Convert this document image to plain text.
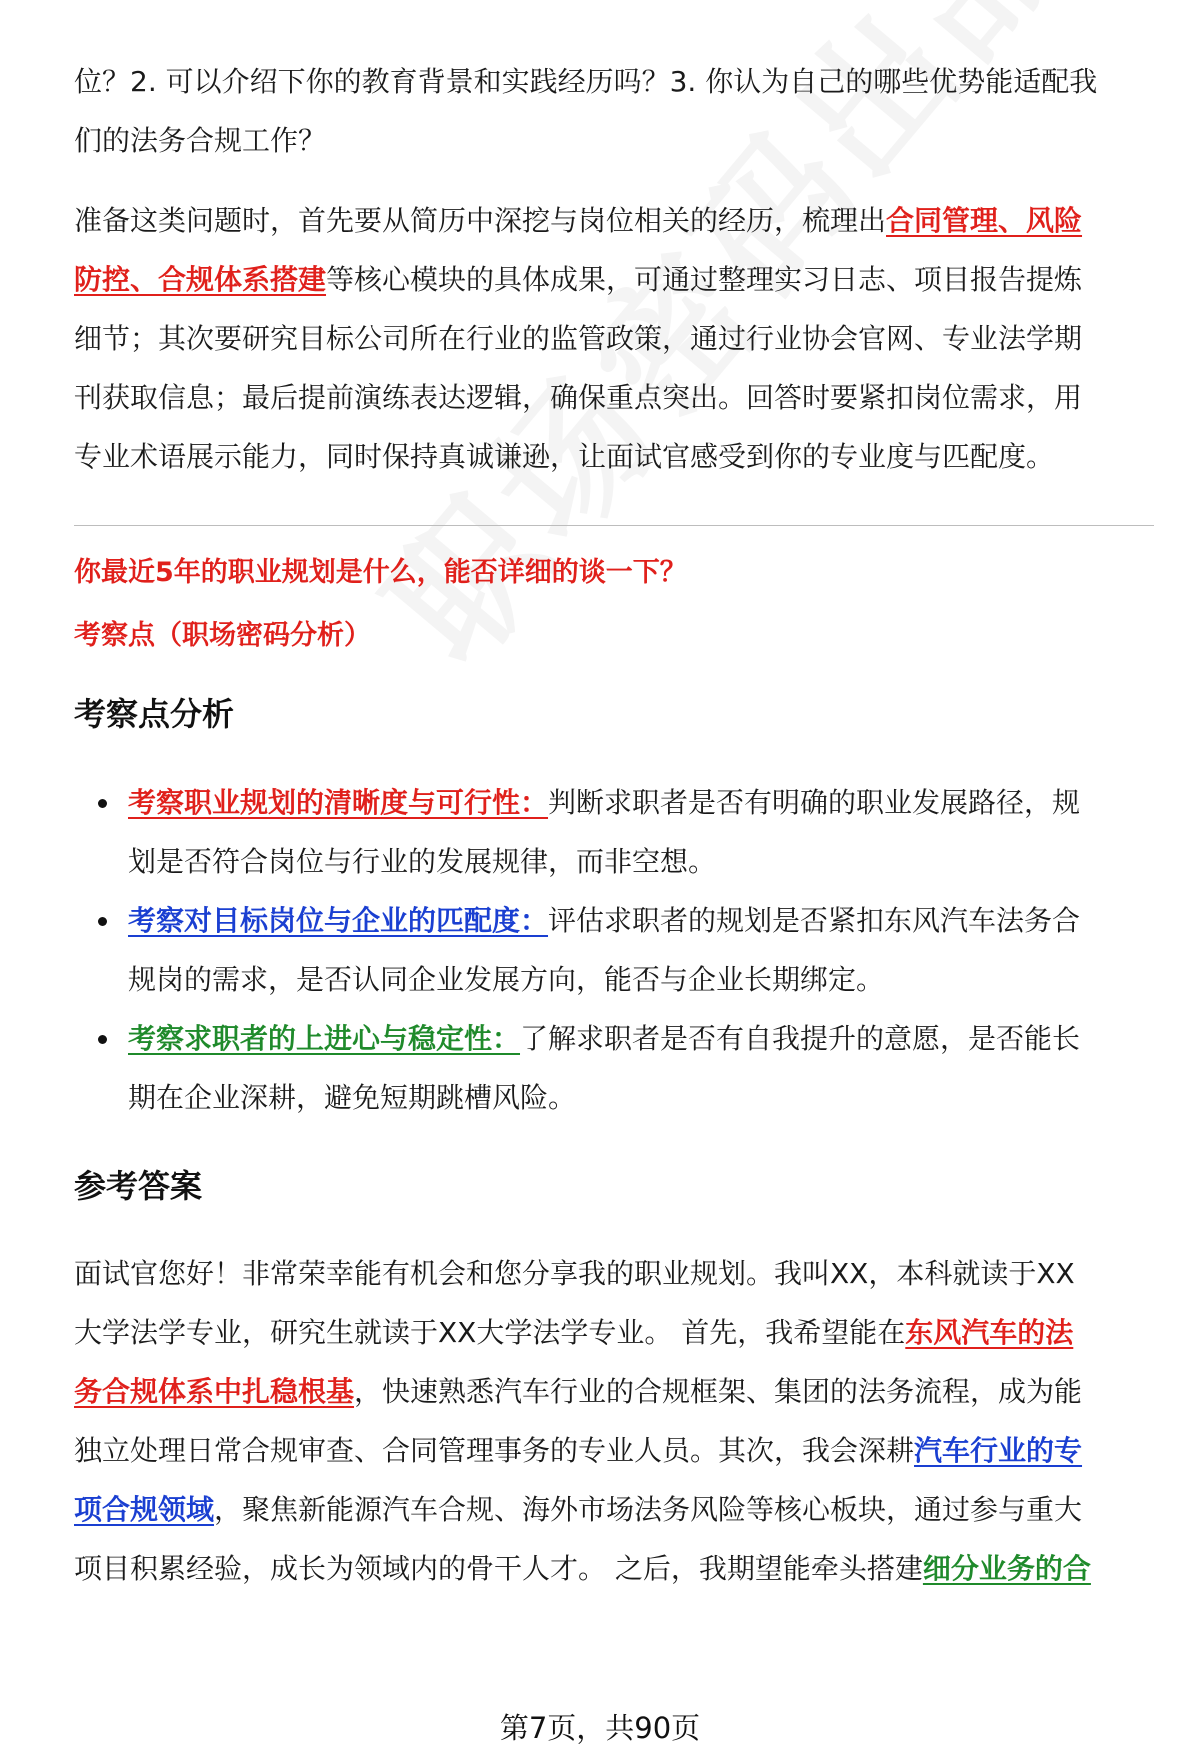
位？2. 可以介绍下你的教育背景和实践经历吗？3. 你认为自己的哪些优势能适配我
们的法务合规工作？

准备这类问题时，首先要从简历中深挖与岗位相关的经历，梳理出合同管理、风险
防控、合规体系搭建等核心模块的具体成果，可通过整理实习日志、项目报告提炼
细节；其次要研究目标公司所在行业的监管政策，通过行业协会官网、专业法学期
刊获取信息；最后提前演练表达逻辑，确保重点突出。回答时要紧扣岗位需求，用
专业术语展示能力，同时保持真诚谦逊，让面试官感受到你的专业度与匹配度。

你最近5年的职业规划是什么，能否详细的谈一下？
考察点（职场密码分析）
考察点分析
考察职业规划的清晰度与可行性：判断求职者是否有明确的职业发展路径，规
划是否符合岗位与行业的发展规律，而非空想。
考察对目标岗位与企业的匹配度：评估求职者的规划是否紧扣东风汽车法务合
规岗的需求，是否认同企业发展方向，能否与企业长期绑定。
考察求职者的上进心与稳定性：了解求职者是否有自我提升的意愿，是否能长
期在企业深耕，避免短期跳槽风险。
参考答案

面试官您好！非常荣幸能有机会和您分享我的职业规划。我叫XX，本科就读于XX
大学法学专业，研究生就读于XX大学法学专业。 首先，我希望能在东风汽车的法
务合规体系中扎稳根基，快速熟悉汽车行业的合规框架、集团的法务流程，成为能
独立处理日常合规审查、合同管理事务的专业人员。其次，我会深耕汽车行业的专
项合规领域，聚焦新能源汽车合规、海外市场法务风险等核心板块，通过参与重大
项目积累经验，成长为领域内的骨干人才。 之后，我期望能牵头搭建细分业务的合

第7页，共90页
